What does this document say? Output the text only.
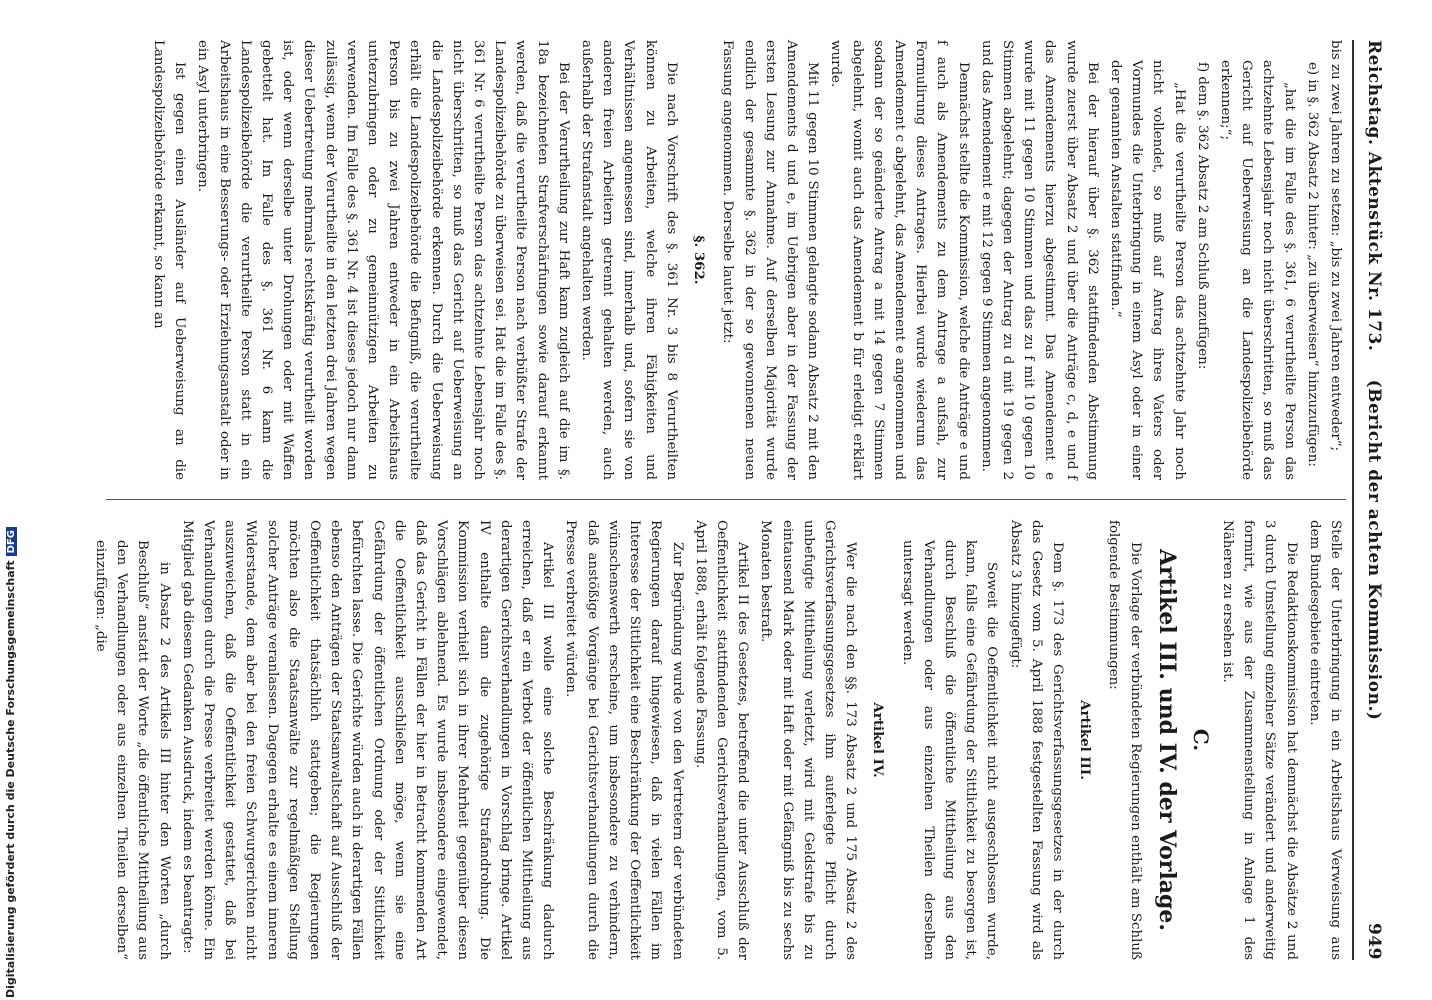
Reichstag. Aktenstück Nr. 173.
(Bericht der achten Kommission.)
949

bis zu zwei Jahren zu setzen: „bis zu zwei Jahren entweder“;

e) in §. 362 Absatz 2 hinter: „zu überweisen“ hinzuzufügen:

„hat die im Falle des §. 361, 6 verurtheilte Person das achtzehnte Lebensjahr noch nicht überschritten, so muß das Gericht auf Ueberweisung an die Landespolizeibehörde erkennen;“;

f) dem §. 362 Absatz 2 am Schluß anzufügen:

„Hat die verurtheilte Person das achtzehnte Jahr noch nicht vollendet, so muß auf Antrag ihres Vaters oder Vormundes die Unterbringung in einem Asyl oder in einer der genannten Anstalten stattfinden.“

Bei der hierauf über §. 362 stattfindenden Abstimmung wurde zuerst über Absatz 2 und über die Anträge c, d, e und f das Amendements hierzu abgestimmt. Das Amendement e wurde mit 11 gegen 10 Stimmen und das zu f mit 10 gegen 10 Stimmen abgelehnt; dagegen der Antrag zu d mit 19 gegen 2 und das Amendement e mit 12 gegen 9 Stimmen angenommen.

Demnächst stellte die Kommission, welche die Anträge e und f auch als Amendements zu dem Antrage a aufsah, zur Formulirung dieses Antrages. Hierbei wurde wiederum das Amendement c abgelehnt, das Amendement e angenommen und sodann der so geänderte Antrag a mit 14 gegen 7 Stimmen abgelehnt, womit auch das Amendement b für erledigt erklärt wurde.

Mit 11 gegen 10 Stimmen gelangte sodann Absatz 2 mit den Amendements d und e, im Uebrigen aber in der Fassung der ersten Lesung zur Annahme. Auf derselben Majorität wurde endlich der gesammte §. 362 in der so gewonnenen neuen Fassung angenommen. Derselbe lautet jetzt:

§. 362.

Die nach Vorschrift des §. 361 Nr. 3 bis 8 Verurtheilten können zu Arbeiten, welche ihren Fähigkeiten und Verhältnissen angemessen sind, innerhalb und, sofern sie von anderen freien Arbeitern getrennt gehalten werden, auch außerhalb der Strafanstalt angehalten werden.

Bei der Verurtheilung zur Haft kann zugleich auf die im §. 18a bezeichneten Strafverschärfungen sowie darauf erkannt werden, daß die verurtheilte Person nach verbüßter Strafe der Landespolizeibehörde zu überweisen sei. Hat die im Falle des §. 361 Nr. 6 verurtheilte Person das achtzehnte Lebensjahr noch nicht überschritten, so muß das Gericht auf Ueberweisung an die Landespolizeibehörde erkennen. Durch die Ueberweisung erhält die Landespolizeibehörde die Befugniß, die verurtheilte Person bis zu zwei Jahren entweder in ein Arbeitshaus unterzubringen oder zu gemeinnützigen Arbeiten zu verwenden. Im Falle des §. 361 Nr. 4 ist dieses jedoch nur dann zulässig, wenn der Verurtheilte in den letzten drei Jahren wegen dieser Uebertretung mehrmals rechtskräftig verurtheilt worden ist, oder wenn derselbe unter Drohungen oder mit Waffen gebettelt hat. Im Falle des §. 361 Nr. 6 kann die Landespolizeibehörde die verurtheilte Person statt in ein Arbeitshaus in eine Besserungs- oder Erziehungsanstalt oder in ein Asyl unterbringen.

Ist gegen einen Ausländer auf Ueberweisung an die Landespolizeibehörde erkannt, so kann an

Stelle der Unterbringung in ein Arbeitshaus Verweisung aus dem Bundesgebiete eintreten.

Die Redaktionskommission hat demnächst die Absätze 2 und 3 durch Umstellung einzelner Sätze verändert und anderweitig formirt, wie aus der Zusammenstellung in Anlage 1 des Näheren zu ersehen ist.

C.
Artikel III. und IV. der Vorlage.

Die Vorlage der verbündeten Regierungen enthält am Schluß folgende Bestimmungen:

Artikel III.

Dem §. 173 des Gerichtsverfassungsgesetzes in der durch das Gesetz vom 5. April 1888 festgestellten Fassung wird als Absatz 3 hinzugefügt:

Soweit die Oeffentlichkeit nicht ausgeschlossen wurde, kann, falls eine Gefährdung der Sittlichkeit zu besorgen ist, durch Beschluß die öffentliche Mittheilung aus den Verhandlungen oder aus einzelnen Theilen derselben untersagt werden.

Artikel IV.

Wer die nach den §§. 173 Absatz 2 und 175 Absatz 2 des Gerichtsverfassungsgesetzes ihm auferlegte Pflicht durch unbefugte Mittheilung verletzt, wird mit Geldstrafe bis zu eintausend Mark oder mit Haft oder mit Gefängniß bis zu sechs Monaten bestraft.

Artikel II des Gesetzes, betreffend die unter Ausschluß der Oeffentlichkeit stattfindenden Gerichtsverhandlungen, vom 5. April 1888, erhält folgende Fassung.

Zur Begründung wurde von den Vertretern der verbündeten Regierungen darauf hingewiesen, daß in vielen Fällen im Interesse der Sittlichkeit eine Beschränkung der Oeffentlichkeit wünschenswerth erscheine, um insbesondere zu verhindern, daß anstößige Vorgänge bei Gerichtsverhandlungen durch die Presse verbreitet würden.

Artikel III wolle eine solche Beschränkung dadurch erreichen, daß er ein Verbot der öffentlichen Mittheilung aus derartigen Gerichtsverhandlungen in Vorschlag bringe. Artikel IV enthalte dann die zugehörige Strafandrohung. Die Kommission verhielt sich in ihrer Mehrheit gegenüber diesen Vorschlägen ablehnend. Es wurde insbesondere eingewendet, daß das Gericht in Fällen der hier in Betracht kommenden Art die Oeffentlichkeit ausschließen möge, wenn sie eine Gefährdung der öffentlichen Ordnung oder der Sittlichkeit befürchten lasse. Die Gerichte würden auch in derartigen Fällen ebenso den Anträgen der Staatsanwaltschaft auf Ausschluß der Oeffentlichkeit thatsächlich stattgeben; die Regierungen möchten also die Staatsanwälte zur regelmäßigen Stellung solcher Anträge veranlassen. Dagegen erhalte es einem inneren Widerstande, dem aber bei den freien Schwurgerichten nicht auszuweichen, daß die Oeffentlichkeit gestattet, daß bei Verhandlungen durch die Presse verbreitet werden könne. Ein Mitglied gab diesem Gedanken Ausdruck, indem es beantragte:

in Absatz 2 des Artikels III hinter den Worten „durch Beschluß“ anstatt der Worte „die öffentliche Mittheilung aus den Verhandlungen oder aus einzelnen Theilen derselben“ einzufügen: „die

Digitalisierung gefördert durch die Deutsche ForschungsgemeinschaftDFG
